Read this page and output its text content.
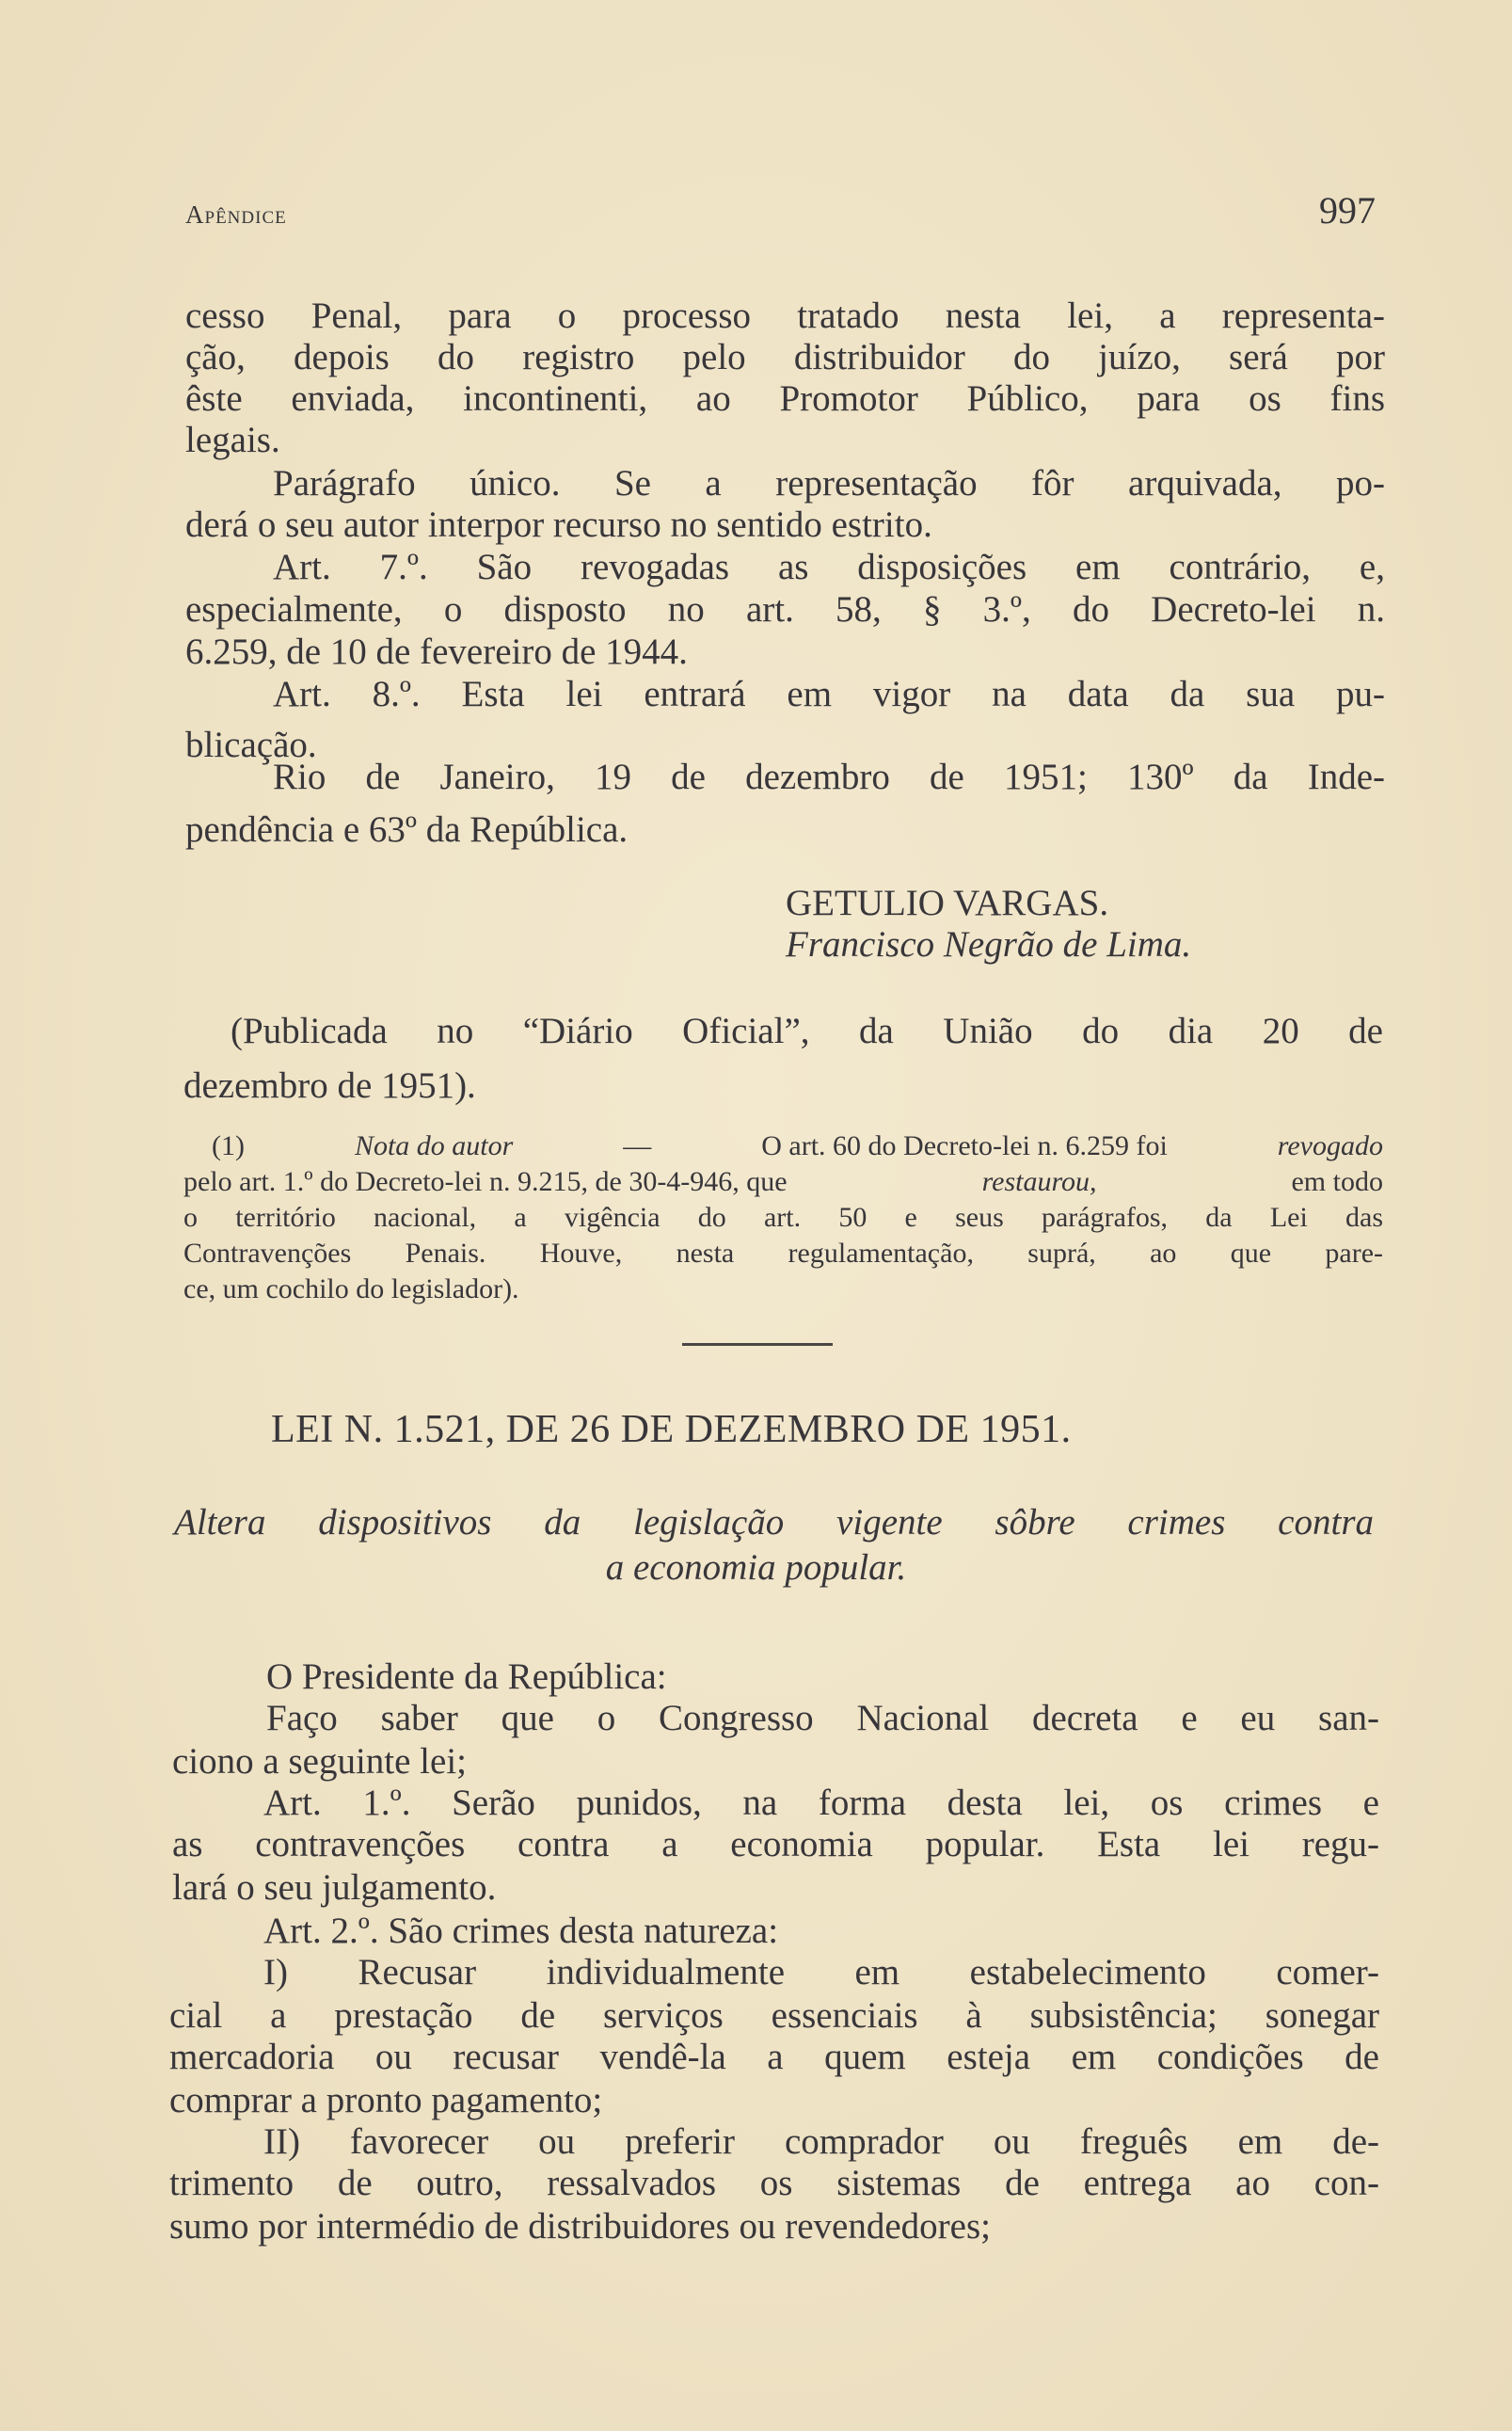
Apêndice	997
cesso Penal, para o processo tratado nesta lei, a representa-
ção, depois do registro pelo distribuidor do juízo, será por
êste enviada, incontinenti, ao Promotor Público, para os fins
legais.
Parágrafo único. Se a representação fôr arquivada, po-
derá o seu autor interpor recurso no sentido estrito.
Art. 7.º. São revogadas as disposições em contrário, e,
especialmente, o disposto no art. 58, § 3.º, do Decreto-lei n.
6.259, de 10 de fevereiro de 1944.
Art. 8.º. Esta lei entrará em vigor na data da sua pu-
blicação.
Rio de Janeiro, 19 de dezembro de 1951; 130º da Inde-
pendência e 63º da República.
GETULIO VARGAS.
Francisco Negrão de Lima.
(Publicada no “Diário Oficial”, da União do dia 20 de
dezembro de 1951).
(1)	Nota do autor	—	O art. 60 do Decreto-lei n. 6.259 foi	revogado
pelo art. 1.º do Decreto-lei n. 9.215, de 30-4-946, que	restaurou,	em todo
o território nacional, a vigência do art. 50 e seus parágrafos, da Lei das
Contravenções Penais. Houve, nesta regulamentação, suprá, ao que pare-
ce, um cochilo do legislador).
LEI N. 1.521, DE 26 DE DEZEMBRO DE 1951.
Altera dispositivos da legislação vigente sôbre crimes contra
a economia popular.
O Presidente da República:
Faço saber que o Congresso Nacional decreta e eu san-
ciono a seguinte lei;
Art. 1.º. Serão punidos, na forma desta lei, os crimes e
as contravenções contra a economia popular. Esta lei regu-
lará o seu julgamento.
Art. 2.º. São crimes desta natureza:
I) Recusar individualmente em estabelecimento comer-
cial a prestação de serviços essenciais à subsistência; sonegar
mercadoria ou recusar vendê-la a quem esteja em condições de
comprar a pronto pagamento;
II) favorecer ou preferir comprador ou freguês em de-
trimento de outro, ressalvados os sistemas de entrega ao con-
sumo por intermédio de distribuidores ou revendedores;
